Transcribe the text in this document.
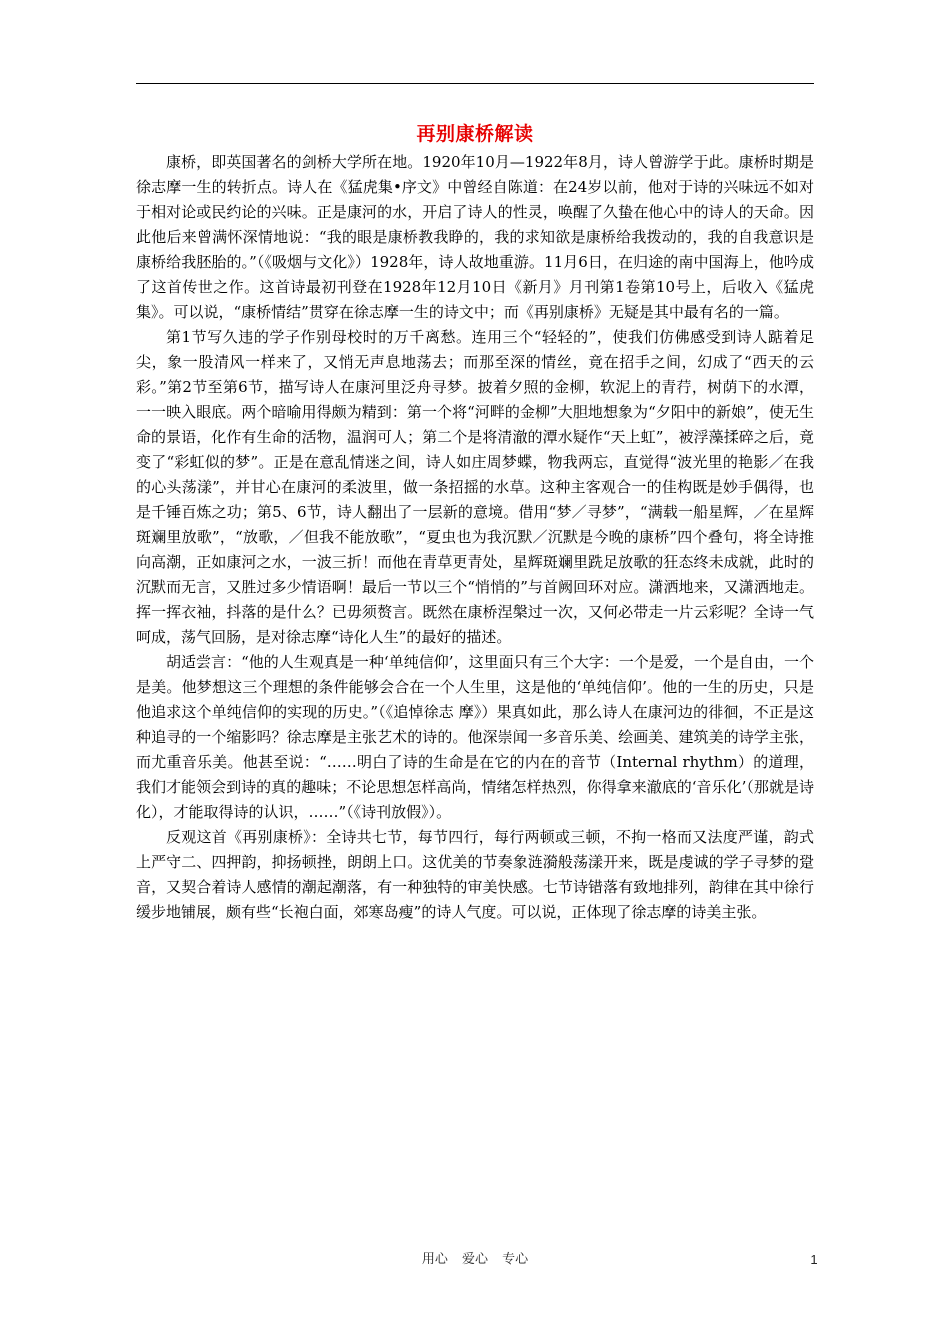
再别康桥解读

康桥，即英国著名的剑桥大学所在地。1920年10月—1922年8月，诗人曾游学于此。康桥时期是徐志摩一生的转折点。诗人在《猛虎集•序文》中曾经自陈道：在24岁以前，他对于诗的兴味远不如对于相对论或民约论的兴味。正是康河的水，开启了诗人的性灵，唤醒了久蛰在他心中的诗人的天命。因此他后来曾满怀深情地说：“我的眼是康桥教我睁的，我的求知欲是康桥给我拨动的，我的自我意识是康桥给我胚胎的。”（《吸烟与文化》）1928年，诗人故地重游。11月6日，在归途的南中国海上，他吟成了这首传世之作。这首诗最初刊登在1928年12月10日《新月》月刊第1卷第10号上，后收入《猛虎集》。可以说，“康桥情结”贯穿在徐志摩一生的诗文中；而《再别康桥》无疑是其中最有名的一篇。

第1节写久违的学子作别母校时的万千离愁。连用三个“轻轻的”，使我们仿佛感受到诗人踮着足尖，象一股清风一样来了，又悄无声息地荡去；而那至深的情丝，竟在招手之间，幻成了“西天的云彩。”第2节至第6节，描写诗人在康河里泛舟寻梦。披着夕照的金柳，软泥上的青荇，树荫下的水潭，一一映入眼底。两个暗喻用得颇为精到：第一个将“河畔的金柳”大胆地想象为“夕阳中的新娘”，使无生命的景语，化作有生命的活物，温润可人；第二个是将清澈的潭水疑作“天上虹”，被浮藻揉碎之后，竟变了“彩虹似的梦”。正是在意乱情迷之间，诗人如庄周梦蝶，物我两忘，直觉得“波光里的艳影／在我的心头荡漾”，并甘心在康河的柔波里，做一条招摇的水草。这种主客观合一的佳构既是妙手偶得，也是千锤百炼之功；第5、6节，诗人翻出了一层新的意境。借用“梦／寻梦”，“满载一船星辉，／在星辉斑斓里放歌”，“放歌，／但我不能放歌”，“夏虫也为我沉默／沉默是今晚的康桥”四个叠句，将全诗推向高潮，正如康河之水，一波三折！而他在青草更青处，星辉斑斓里跣足放歌的狂态终未成就，此时的沉默而无言，又胜过多少情语啊！最后一节以三个“悄悄的”与首阙回环对应。潇洒地来，又潇洒地走。挥一挥衣袖，抖落的是什么？已毋须赘言。既然在康桥涅槃过一次，又何必带走一片云彩呢？全诗一气呵成，荡气回肠，是对徐志摩“诗化人生”的最好的描述。

胡适尝言：“他的人生观真是一种‘单纯信仰’，这里面只有三个大字：一个是爱，一个是自由，一个是美。他梦想这三个理想的条件能够会合在一个人生里，这是他的‘单纯信仰’。他的一生的历史，只是他追求这个单纯信仰的实现的历史。”（《追悼徐志 摩》）果真如此，那么诗人在康河边的徘徊，不正是这种追寻的一个缩影吗？徐志摩是主张艺术的诗的。他深崇闻一多音乐美、绘画美、建筑美的诗学主张，而尤重音乐美。他甚至说：“……明白了诗的生命是在它的内在的音节（Internal rhythm）的道理，我们才能领会到诗的真的趣味；不论思想怎样高尚，情绪怎样热烈，你得拿来澈底的‘音乐化’（那就是诗化），才能取得诗的认识，……”（《诗刊放假》）。

反观这首《再别康桥》：全诗共七节，每节四行，每行两顿或三顿，不拘一格而又法度严谨，韵式上严守二、四押韵，抑扬顿挫，朗朗上口。这优美的节奏象涟漪般荡漾开来，既是虔诚的学子寻梦的跫音，又契合着诗人感情的潮起潮落，有一种独特的审美快感。七节诗错落有致地排列，韵律在其中徐行缓步地铺展，颇有些“长袍白面，郊寒岛瘦”的诗人气度。可以说，正体现了徐志摩的诗美主张。

用心 爱心 专心	1
